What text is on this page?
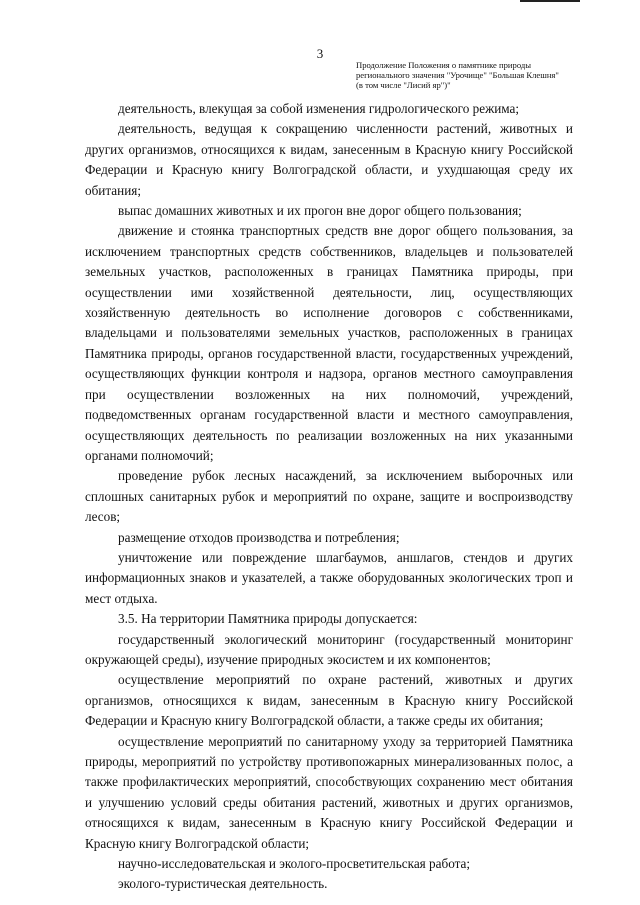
3
Продолжение Положения о памятнике природы
регионального значения "Урочище" "Большая Клешня"
(в том числе "Лисий яр")"

деятельность, влекущая за собой изменения гидрологического режима;

деятельность, ведущая к сокращению численности растений, животных и других организмов, относящихся к видам, занесенным в Красную книгу Российской Федерации и Красную книгу Волгоградской области, и ухудшающая среду их обитания;

выпас домашних животных и их прогон вне дорог общего пользования;

движение и стоянка транспортных средств вне дорог общего пользования, за исключением транспортных средств собственников, владельцев и пользователей земельных участков, расположенных в границах Памятника природы, при осуществлении ими хозяйственной деятельности, лиц, осуществляющих хозяйственную деятельность во исполнение договоров с собственниками, владельцами и пользователями земельных участков, расположенных в границах Памятника природы, органов государственной власти, государственных учреждений, осуществляющих функции контроля и надзора, органов местного самоуправления при осуществлении возложенных на них полномочий, учреждений, подведомственных органам государственной власти и местного самоуправления, осуществляющих деятельность по реализации возложенных на них указанными органами полномочий;

проведение рубок лесных насаждений, за исключением выборочных или сплошных санитарных рубок и мероприятий по охране, защите и воспроизводству лесов;

размещение отходов производства и потребления;

уничтожение или повреждение шлагбаумов, аншлагов, стендов и других информационных знаков и указателей, а также оборудованных экологических троп и мест отдыха.

3.5. На территории Памятника природы допускается:

государственный экологический мониторинг (государственный мониторинг окружающей среды), изучение природных экосистем и их компонентов;

осуществление мероприятий по охране растений, животных и других организмов, относящихся к видам, занесенным в Красную книгу Российской Федерации и Красную книгу Волгоградской области, а также среды их обитания;

осуществление мероприятий по санитарному уходу за территорией Памятника природы, мероприятий по устройству противопожарных минерализованных полос, а также профилактических мероприятий, способствующих сохранению мест обитания и улучшению условий среды обитания растений, животных и других организмов, относящихся к видам, занесенным в Красную книгу Российской Федерации и Красную книгу Волгоградской области;

научно-исследовательская и эколого-просветительская работа;

эколого-туристическая деятельность.
